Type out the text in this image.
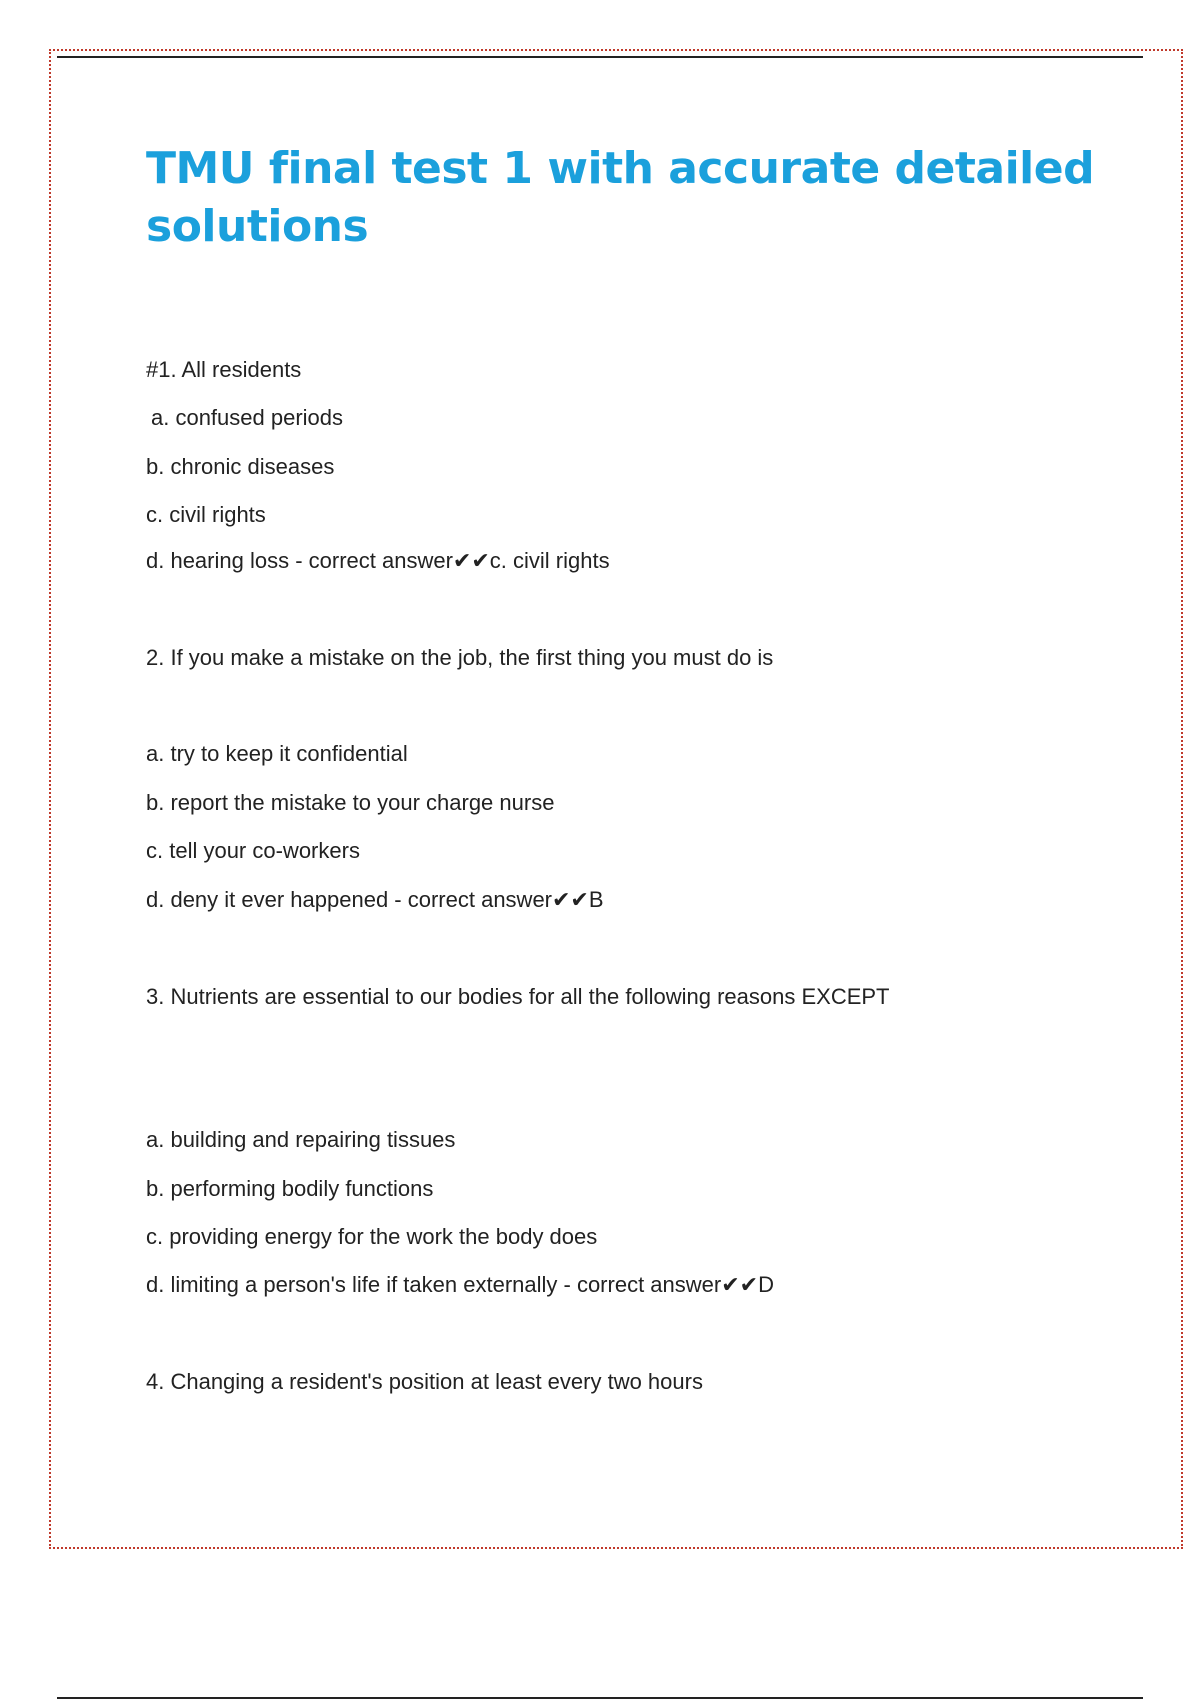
TMU final test 1 with accurate detailed solutions
#1. All residents
a. confused periods
b. chronic diseases
c. civil rights
d. hearing loss - correct answer✔✔c. civil rights
2. If you make a mistake on the job, the first thing you must do is
a. try to keep it confidential
b. report the mistake to your charge nurse
c. tell your co-workers
d. deny it ever happened - correct answer✔✔B
3. Nutrients are essential to our bodies for all the following reasons EXCEPT
a. building and repairing tissues
b. performing bodily functions
c. providing energy for the work the body does
d. limiting a person's life if taken externally - correct answer✔✔D
4. Changing a resident's position at least every two hours
